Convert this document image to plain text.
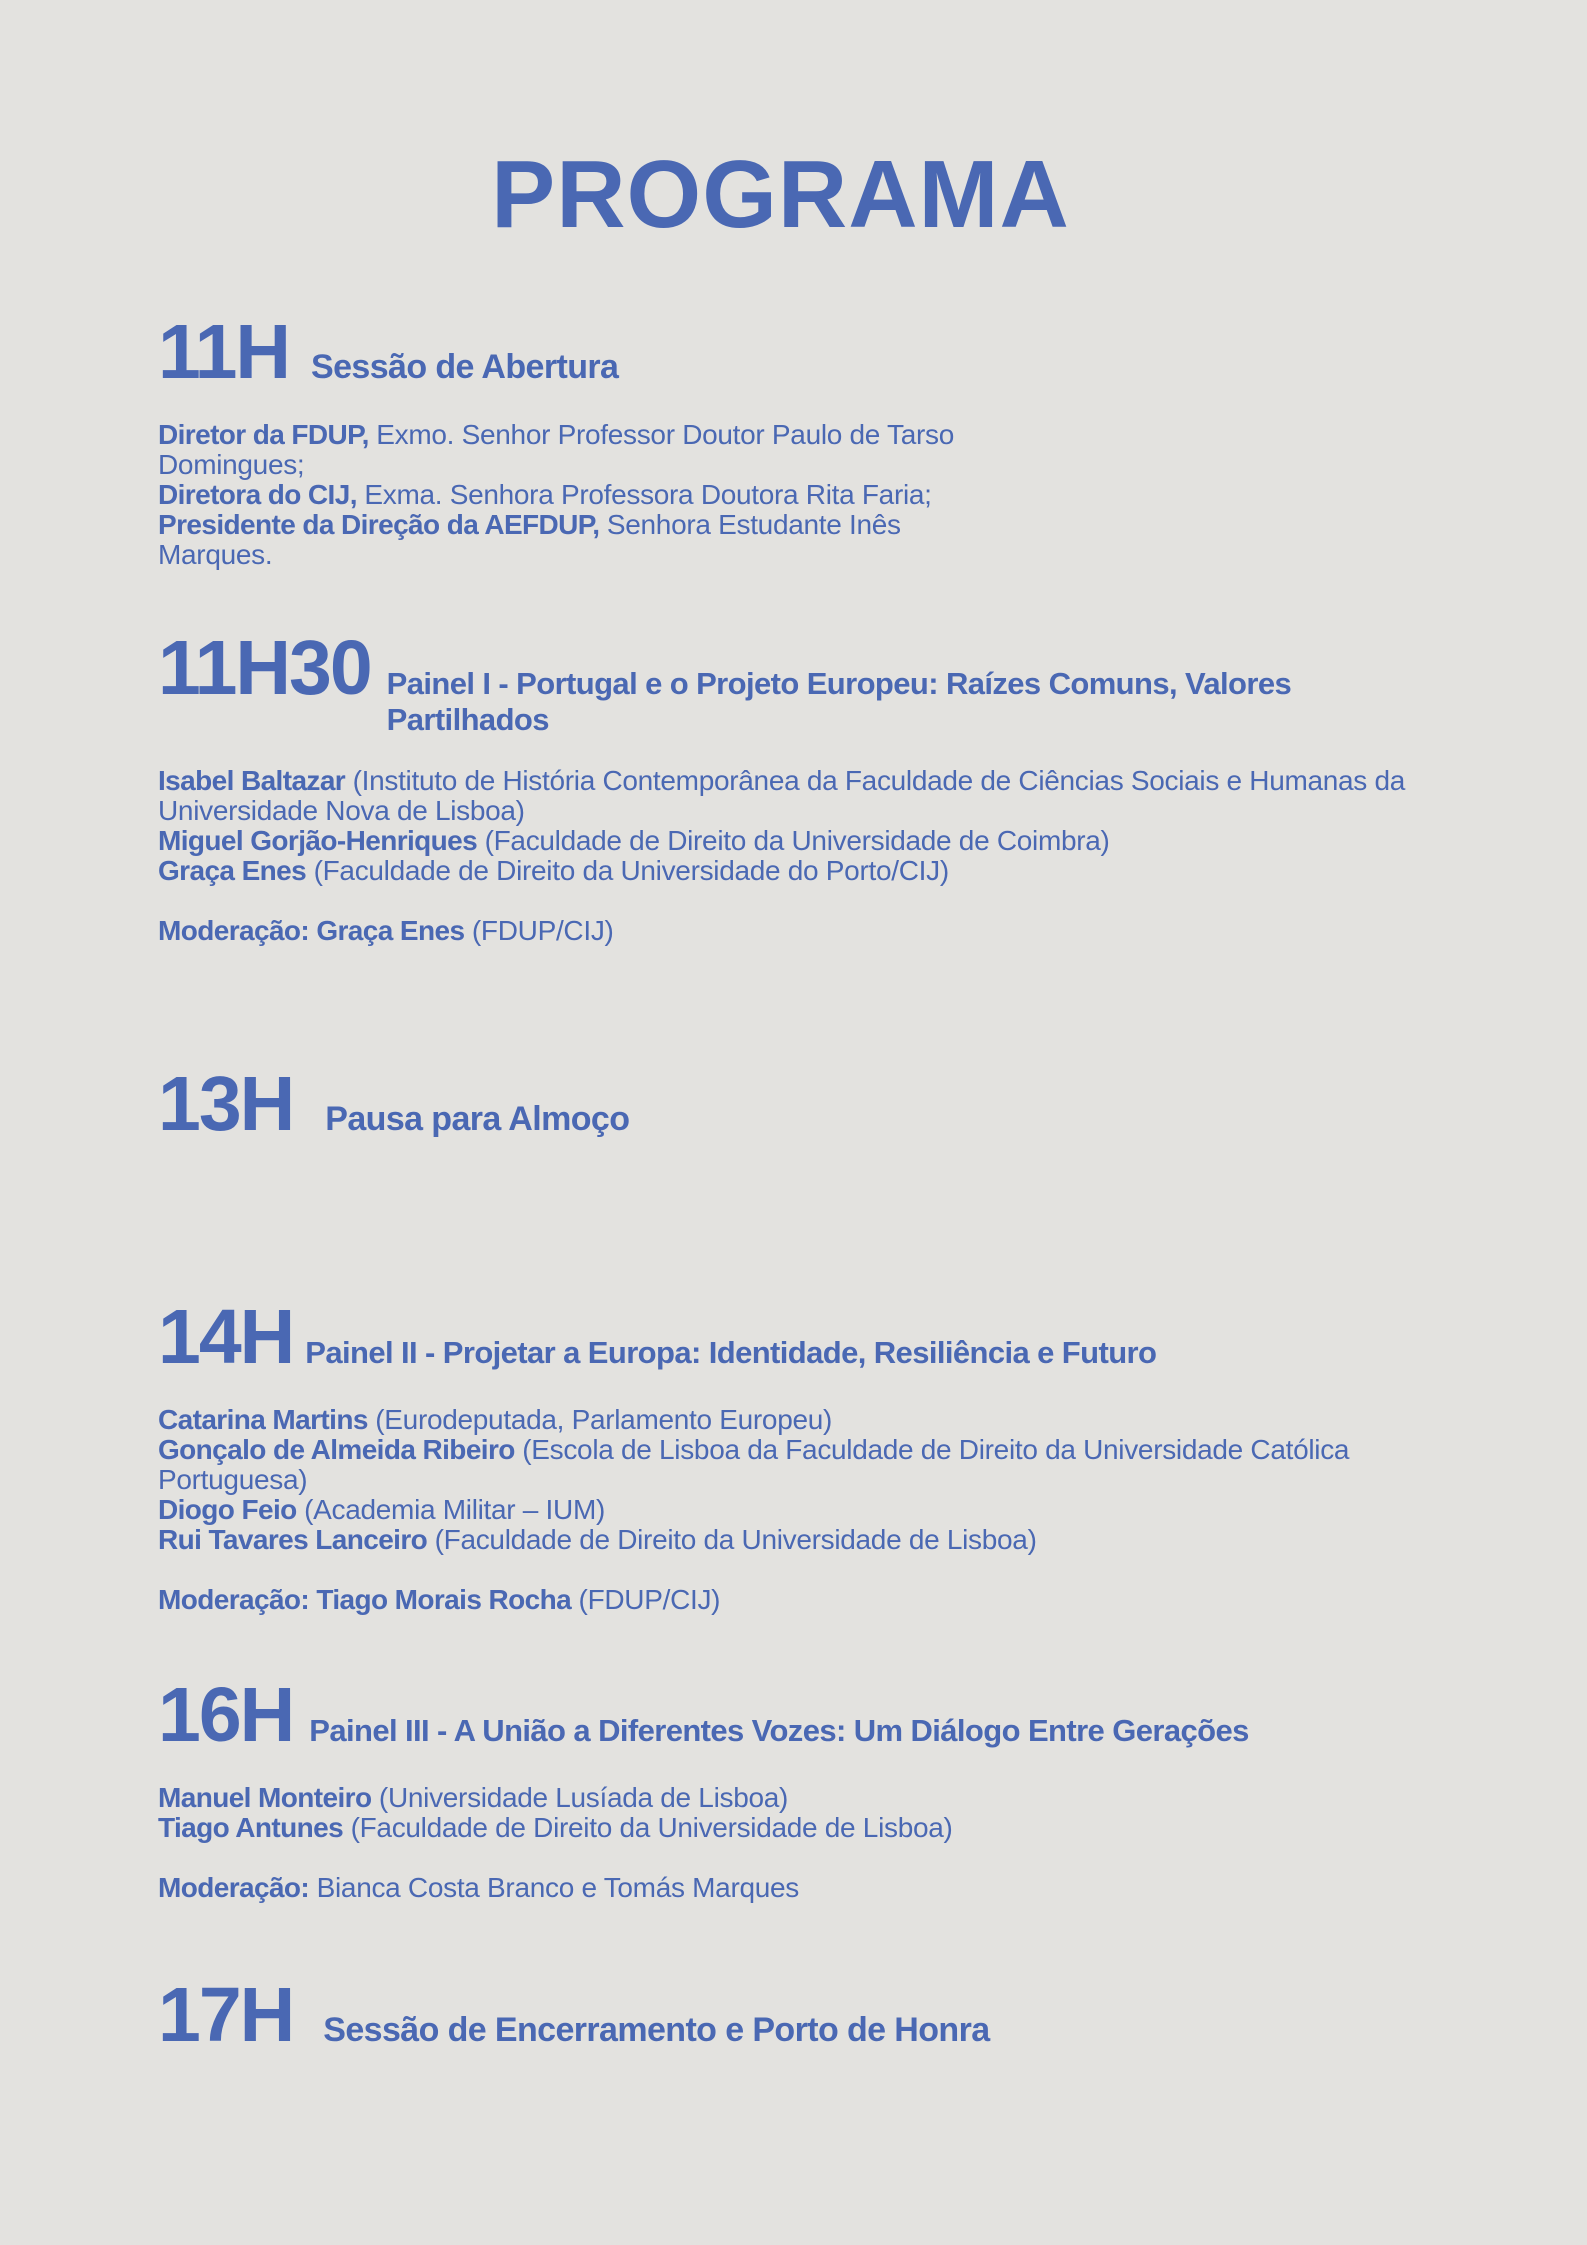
PROGRAMA
11H Sessão de Abertura

Diretor da FDUP, Exmo. Senhor Professor Doutor Paulo de Tarso

Domingues;

Diretora do CIJ, Exma. Senhora Professora Doutora Rita Faria;

Presidente da Direção da AEFDUP, Senhora Estudante Inês

Marques.

11H30 Painel I - Portugal e o Projeto Europeu: Raízes Comuns, Valores Partilhados

Isabel Baltazar (Instituto de História Contemporânea da Faculdade de Ciências Sociais e Humanas da

Universidade Nova de Lisboa)

Miguel Gorjão-Henriques (Faculdade de Direito da Universidade de Coimbra)

Graça Enes (Faculdade de Direito da Universidade do Porto/CIJ)

Moderação: Graça Enes (FDUP/CIJ)

13H Pausa para Almoço
14H Painel II - Projetar a Europa: Identidade, Resiliência e Futuro

Catarina Martins (Eurodeputada, Parlamento Europeu)

Gonçalo de Almeida Ribeiro (Escola de Lisboa da Faculdade de Direito da Universidade Católica

Portuguesa)

Diogo Feio (Academia Militar – IUM)

Rui Tavares Lanceiro (Faculdade de Direito da Universidade de Lisboa)

Moderação: Tiago Morais Rocha (FDUP/CIJ)

16H Painel III - A União a Diferentes Vozes: Um Diálogo Entre Gerações

Manuel Monteiro (Universidade Lusíada de Lisboa)

Tiago Antunes (Faculdade de Direito da Universidade de Lisboa)

Moderação: Bianca Costa Branco e Tomás Marques

17H Sessão de Encerramento e Porto de Honra
